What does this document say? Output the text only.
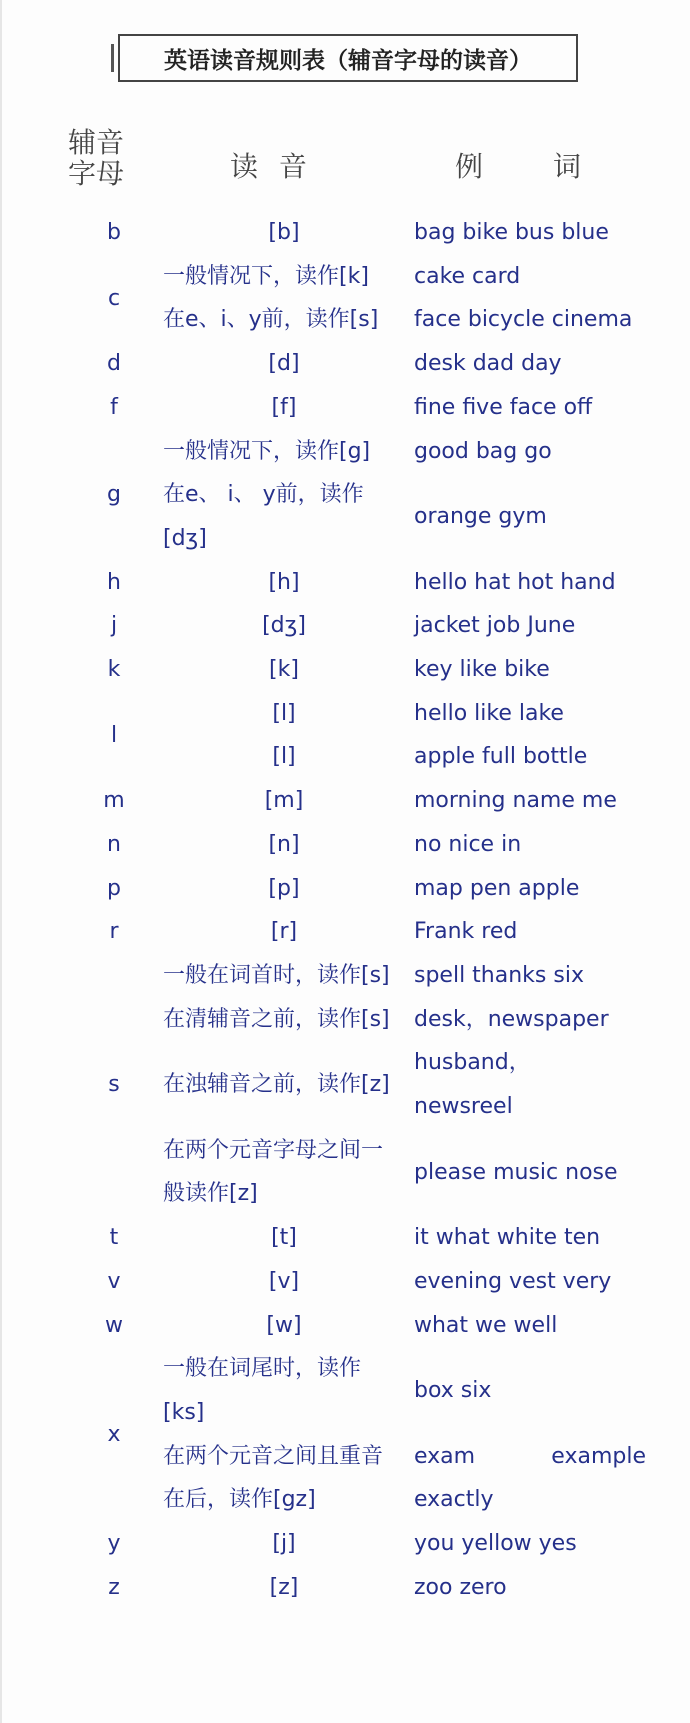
英语读音规则表（辅音字母的读音）
辅音字母	读 音	例	词
b	[b]	bag bike bus blue
c	一般情况下，读作[k]	cake card

	在e、i、y前，读作[s]	face bicycle cinema
d	[d]	desk dad day
f	[f]	fine five face off
g	一般情况下，读作[g]	good bag go

	在e、 i、 y前，读作[dʒ]	orange gym
h	[h]	hello hat hot hand
j	[dʒ]	jacket job June
k	[k]	key like bike
l	[l]	hello like lake
	[l]	apple full bottle
m	[m]	morning name me
n	[n]	no nice in
p	[p]	map pen apple
r	[r]	Frank red
s	一般在词首时，读作[s]	spell thanks six

	在清辅音之前，读作[s]	desk，newspaper

	在浊辅音之前，读作[z]	husband，newsreel

	在两个元音字母之间一般读作[z]	please music nose
t	[t]	it what white ten
v	[v]	evening vest very
w	[w]	what we well
x	一般在词尾时，读作[ks]	box six

	在两个元音之间且重音在后，读作[gz]	exam example
exactly

y	[j]	you yellow yes
z	[z]	zoo zero
